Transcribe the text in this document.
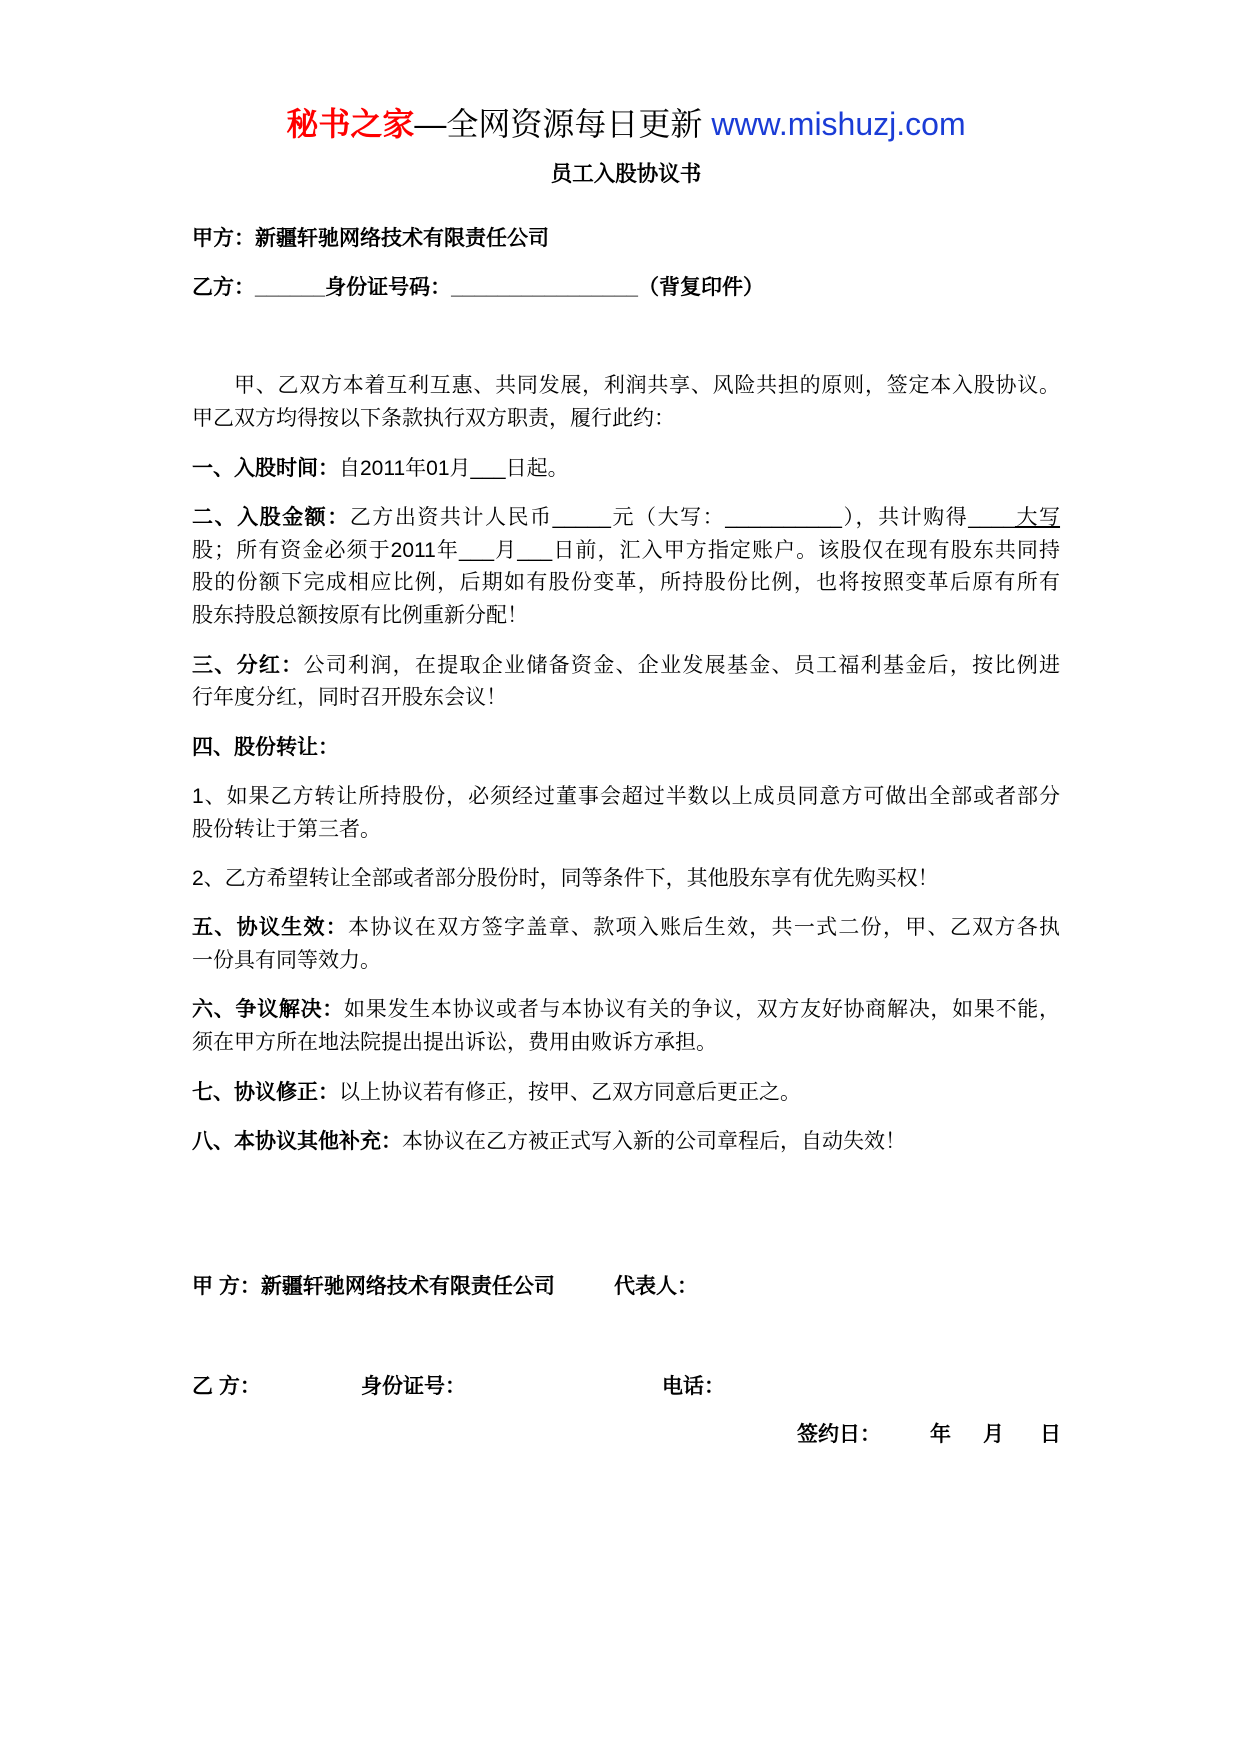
秘书之家—全网资源每日更新 www.mishuzj.com
员工入股协议书
甲方：新疆轩驰网络技术有限责任公司
乙方：______身份证号码：________________（背复印件）
甲、乙双方本着互利互惠、共同发展，利润共享、风险共担的原则，签定本入股协议。
甲乙双方均得按以下条款执行双方职责，履行此约：
一、入股时间：自2011年01月___日起。
二、入股金额：乙方出资共计人民币_____元（大写：__________），共计购得____大写
股；所有资金必须于2011年___月___日前，汇入甲方指定账户。该股仅在现有股东共同持
股的份额下完成相应比例，后期如有股份变革，所持股份比例，也将按照变革后原有所有
股东持股总额按原有比例重新分配！
三、分红：公司利润，在提取企业储备资金、企业发展基金、员工福利基金后，按比例进
行年度分红，同时召开股东会议！
四、股份转让：
1、如果乙方转让所持股份，必须经过董事会超过半数以上成员同意方可做出全部或者部分
股份转让于第三者。
2、乙方希望转让全部或者部分股份时，同等条件下，其他股东享有优先购买权！
五、协议生效：本协议在双方签字盖章、款项入账后生效，共一式二份，甲、乙双方各执
一份具有同等效力。
六、争议解决：如果发生本协议或者与本协议有关的争议，双方友好协商解决，如果不能，
须在甲方所在地法院提出提出诉讼，费用由败诉方承担。
七、协议修正：以上协议若有修正，按甲、乙双方同意后更正之。
八、本协议其他补充：本协议在乙方被正式写入新的公司章程后，自动失效！
甲 方：新疆轩驰网络技术有限责任公司	代表人：
乙 方：	身份证号：	电话：
签约日： 年 月 日
